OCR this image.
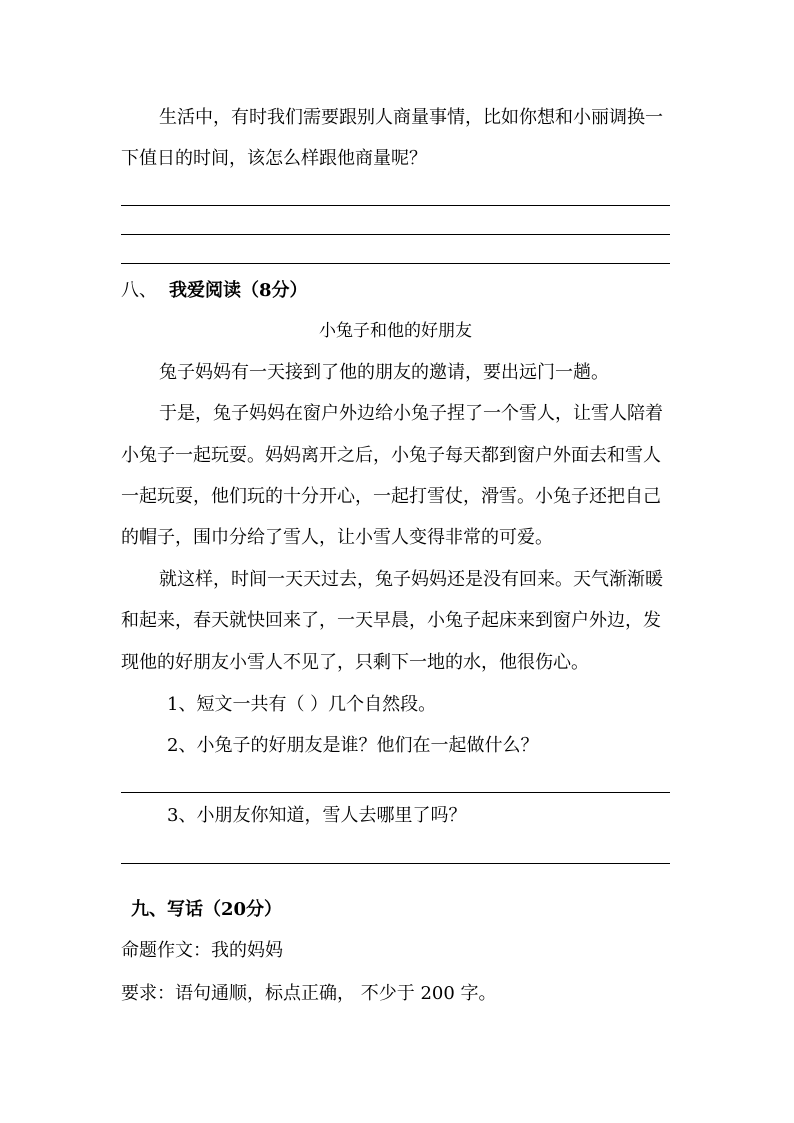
生活中，有时我们需要跟别人商量事情，比如你想和小丽调换一
下值日的时间，该怎么样跟他商量呢？
八、 我爱阅读（8分）
小兔子和他的好朋友
兔子妈妈有一天接到了他的朋友的邀请，要出远门一趟。
于是，兔子妈妈在窗户外边给小兔子捏了一个雪人，让雪人陪着
小兔子一起玩耍。妈妈离开之后，小兔子每天都到窗户外面去和雪人
一起玩耍，他们玩的十分开心，一起打雪仗，滑雪。小兔子还把自己
的帽子，围巾分给了雪人，让小雪人变得非常的可爱。
就这样，时间一天天过去，兔子妈妈还是没有回来。天气渐渐暖
和起来，春天就快回来了，一天早晨，小兔子起床来到窗户外边，发
现他的好朋友小雪人不见了，只剩下一地的水，他很伤心。
1、短文一共有（ ）几个自然段。
2、小兔子的好朋友是谁？他们在一起做什么？
3、小朋友你知道，雪人去哪里了吗？
九、写话（20分）
命题作文：我的妈妈
要求：语句通顺，标点正确， 不少于 200 字。
